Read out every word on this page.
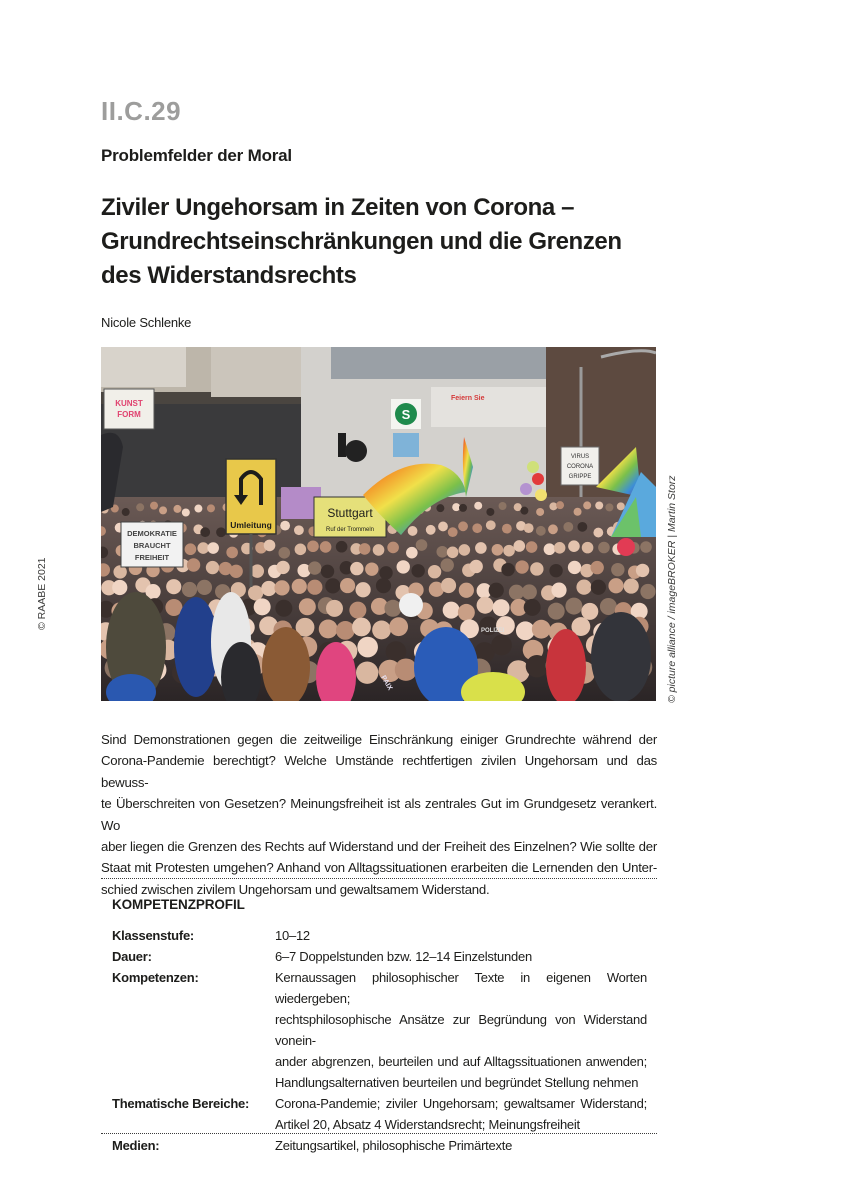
II.C.29
Problemfelder der Moral
Ziviler Ungehorsam in Zeiten von Corona –
Grundrechtseinschränkungen und die Grenzen
des Widerstandsrechts
Nicole Schlenke
© RAABE 2021	© picture alliance / imageBROKER | Martin Storz
KUNST
FORM	S
Feiern Sie
Umleitung
Stuttgart
Ruf der Trommeln
VIRUS
CORONA
GRIPPE
DEMOKRATIE
BRAUCHT
FREIHEIT
POLIZEI
PAIX
Sind Demonstrationen gegen die zeitweilige Einschränkung einiger Grundrechte während der
Corona-Pandemie berechtigt? Welche Umstände rechtfertigen zivilen Ungehorsam und das bewuss-
te Überschreiten von Gesetzen? Meinungsfreiheit ist als zentrales Gut im Grundgesetz verankert. Wo
aber liegen die Grenzen des Rechts auf Widerstand und der Freiheit des Einzelnen? Wie sollte der
Staat mit Protesten umgehen? Anhand von Alltagssituationen erarbeiten die Lernenden den Unter-
schied zwischen zivilem Ungehorsam und gewaltsamem Widerstand.
KOMPETENZPROFIL
Klassenstufe:	10–12
Dauer:	6–7 Doppelstunden bzw. 12–14 Einzelstunden
Kompetenzen:	Kernaussagen philosophischer Texte in eigenen Worten wiedergeben;
rechtsphilosophische Ansätze zur Begründung von Widerstand vonein-
ander abgrenzen, beurteilen und auf Alltagssituationen anwenden;
Handlungsalternativen beurteilen und begründet Stellung nehmen
Thematische Bereiche:	Corona-Pandemie; ziviler Ungehorsam; gewaltsamer Widerstand;
Artikel 20, Absatz 4 Widerstandsrecht; Meinungsfreiheit
Medien:	Zeitungsartikel, philosophische Primärtexte
